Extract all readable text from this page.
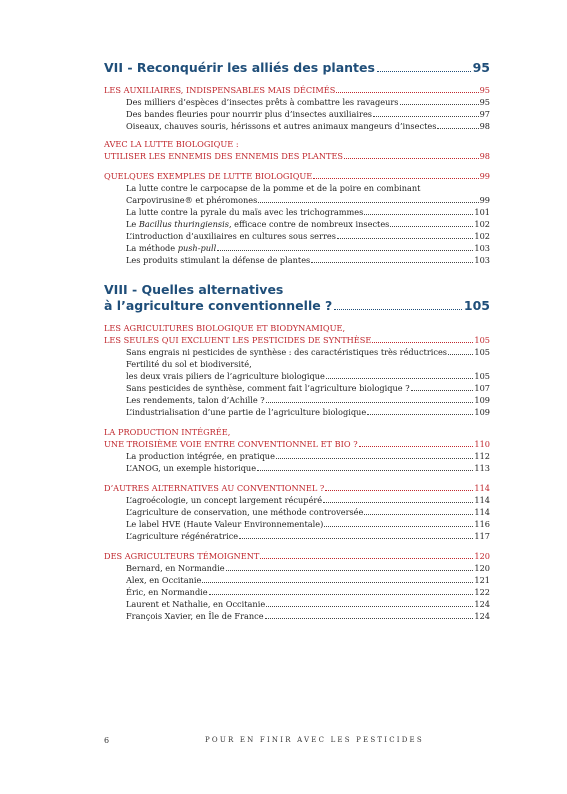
VII - Reconquérir les alliés des plantes	95
LES AUXILIAIRES, INDISPENSABLES MAIS DÉCIMÉS	95
Des milliers d’espèces d’insectes prêts à combattre les ravageurs	95
Des bandes fleuries pour nourrir plus d’insectes auxiliaires	97
Oiseaux, chauves souris, hérissons et autres animaux mangeurs d’insectes	98
AVEC LA LUTTE BIOLOGIQUE :
UTILISER LES ENNEMIS DES ENNEMIS DES PLANTES	98
QUELQUES EXEMPLES DE LUTTE BIOLOGIQUE	99
La lutte contre le carpocapse de la pomme et de la poire en combinant
Carpovirusine® et phéromones	99
La lutte contre la pyrale du maïs avec les trichogrammes	101
Le Bacillus thuringiensis, efficace contre de nombreux insectes	102
L’introduction d’auxiliaires en cultures sous serres	102
La méthode push-pull	103
Les produits stimulant la défense de plantes	103
VIII - Quelles alternatives
à l’agriculture conventionnelle ?	105
LES AGRICULTURES BIOLOGIQUE ET BIODYNAMIQUE,
LES SEULES QUI EXCLUENT LES PESTICIDES DE SYNTHÈSE	105
Sans engrais ni pesticides de synthèse : des caractéristiques très réductrices	105
Fertilité du sol et biodiversité,
les deux vrais piliers de l’agriculture biologique	105
Sans pesticides de synthèse, comment fait l’agriculture biologique ?	107
Les rendements, talon d’Achille ?	109
L’industrialisation d’une partie de l’agriculture biologique	109
LA PRODUCTION INTÉGRÉE,
UNE TROISIÈME VOIE ENTRE CONVENTIONNEL ET BIO ?	110
La production intégrée, en pratique	112
L’ANOG, un exemple historique	113
D’AUTRES ALTERNATIVES AU CONVENTIONNEL ?	114
L’agroécologie, un concept largement récupéré	114
L’agriculture de conservation, une méthode controversée	114
Le label HVE (Haute Valeur Environnementale)	116
L’agriculture régénératrice	117
DES AGRICULTEURS TÉMOIGNENT	120
Bernard, en Normandie	120
Alex, en Occitanie	121
Éric, en Normandie	122
Laurent et Nathalie, en Occitanie	124
François Xavier, en Île de France	124
6	POUR EN FINIR AVEC LES PESTICIDES
